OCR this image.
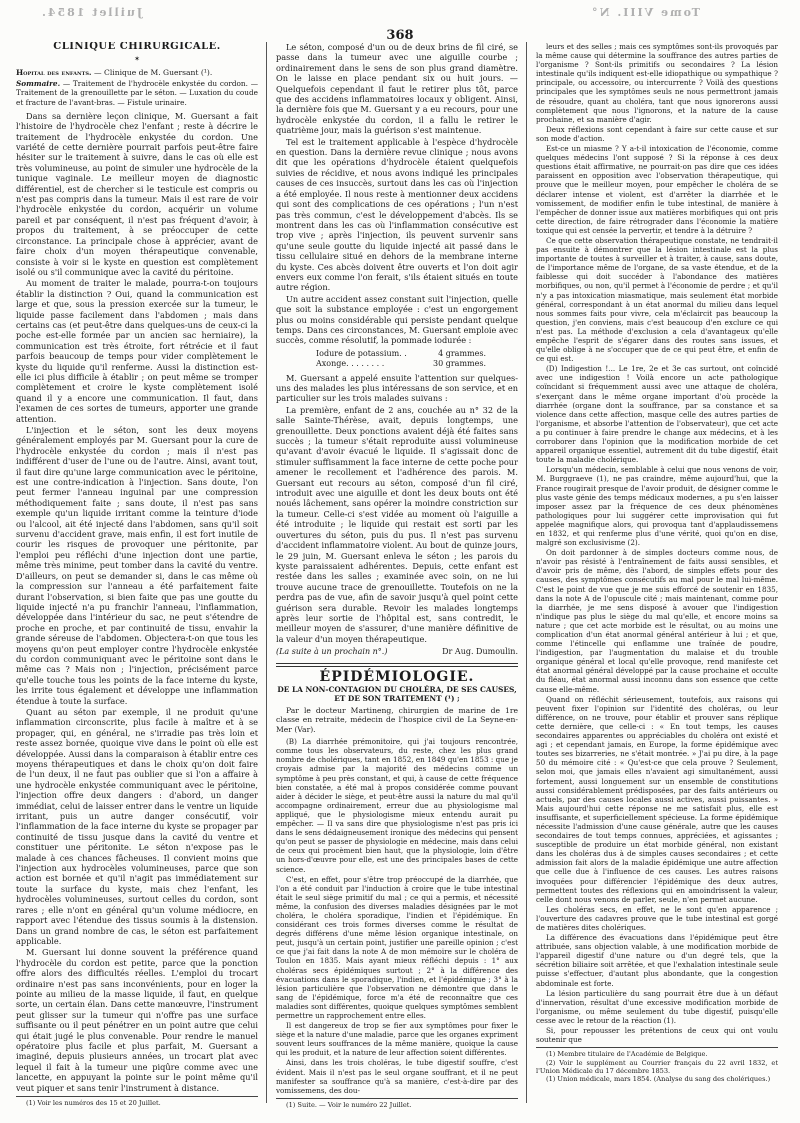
Juillet 1854.	Tome VIII. N°
368
CLINIQUE CHIRURGICALE.
✶

Hopital des enfants. — Clinique de M. Guersant (¹).

Sommaire. — Traitement de l'hydrocèle enkystée du cordon. — Traitement de la grenouillette par le séton. — Luxation du coude et fracture de l'avant-bras. — Fistule urinaire.

Dans sa dernière leçon clinique, M. Guersant a fait l'histoire de l'hydrocèle chez l'enfant ; reste à décrire le traitement de l'hydrocèle enkystée du cordon. Une variété de cette dernière pourrait parfois peut-être faire hésiter sur le traitement à suivre, dans le cas où elle est très volumineuse, au point de simuler une hydrocèle de la tunique vaginale. Le meilleur moyen de diagnostic différentiel, est de chercher si le testicule est compris ou n'est pas compris dans la tumeur. Mais il est rare de voir l'hydrocèle enkystée du cordon, acquérir un volume pareil et par conséquent, il n'est pas fréquent d'avoir, à propos du traitement, à se préoccuper de cette circonstance. La principale chose à apprécier, avant de faire choix d'un moyen thérapeutique convenable, consiste à voir si le kyste en question est complètement isolé ou s'il communique avec la cavité du péritoine.

Au moment de traiter le malade, pourra-t-on toujours établir la distinction ? Oui, quand la communication est large et que, sous la pression exercée sur la tumeur, le liquide passe facilement dans l'abdomen ; mais dans certains cas (et peut-être dans quelques-uns de ceux-ci la poche est-elle formée par un ancien sac herniaire), la communication est très étroite, fort rétrécie et il faut parfois beaucoup de temps pour vider complètement le kyste du liquide qu'il renferme. Aussi la distinction est-elle ici plus difficile à établir ; on peut même se tromper complètement et croire le kyste complètement isolé quand il y a encore une communication. Il faut, dans l'examen de ces sortes de tumeurs, apporter une grande attention.

L'injection et le séton, sont les deux moyens généralement employés par M. Guersant pour la cure de l'hydrocèle enkystée du cordon ; mais il n'est pas indifférent d'user de l'une ou de l'autre. Ainsi, avant tout, il faut dire qu'une large communication avec le péritoine, est une contre-indication à l'injection. Sans doute, l'on peut fermer l'anneau inguinal par une compression méthodiquement faite ; sans doute, il n'est pas sans exemple qu'un liquide irritant comme la teinture d'iode ou l'alcool, ait été injecté dans l'abdomen, sans qu'il soit survenu d'accident grave, mais enfin, il est fort inutile de courir les risques de provoquer une péritonite, par l'emploi peu réfléchi d'une injection dont une partie, même très minime, peut tomber dans la cavité du ventre. D'ailleurs, on peut se demander si, dans le cas même où la compression sur l'anneau a été parfaitement faite durant l'observation, si bien faite que pas une goutte du liquide injecté n'a pu franchir l'anneau, l'inflammation, développée dans l'intérieur du sac, ne peut s'étendre de proche en proche, et par continuité de tissu, envahir la grande séreuse de l'abdomen. Objectera-t-on que tous les moyens qu'on peut employer contre l'hydrocèle enkystée du cordon communiquant avec le péritoine sont dans le même cas ? Mais non ; l'injection, précisément parce qu'elle touche tous les points de la face interne du kyste, les irrite tous également et développe une inflammation étendue à toute la surface.

Quant au séton par exemple, il ne produit qu'une inflammation circonscrite, plus facile à maître et à se propager, qui, en général, ne s'irradie pas très loin et reste assez bornée, quoique vive dans le point où elle est développée. Aussi dans la comparaison à établir entre ces moyens thérapeutiques et dans le choix qu'on doit faire de l'un deux, il ne faut pas oublier que si l'on a affaire à une hydrocèle enkystée communiquant avec le péritoine, l'injection offre deux dangers : d'abord, un danger immédiat, celui de laisser entrer dans le ventre un liquide irritant, puis un autre danger consécutif, voir l'inflammation de la face interne du kyste se propager par continuité de tissu jusque dans la cavité du ventre et constituer une péritonite. Le séton n'expose pas le malade à ces chances fâcheuses. Il convient moins que l'injection aux hydrocèles volumineuses, parce que son action est bornée et qu'il n'agit pas immédiatement sur toute la surface du kyste, mais chez l'enfant, les hydrocèles volumineuses, surtout celles du cordon, sont rares ; elle n'ont en général qu'un volume médiocre, en rapport avec l'étendue des tissus soumis à la distension. Dans un grand nombre de cas, le séton est parfaitement applicable.

M. Guersant lui donne souvent la préférence quand l'hydrocèle du cordon est petite, parce que la ponction offre alors des difficultés réelles. L'emploi du trocart ordinaire n'est pas sans inconvénients, pour en loger la pointe au milieu de la masse liquide, il faut, en quelque sorte, un certain élan. Dans cette manœuvre, l'instrument peut glisser sur la tumeur qui n'offre pas une surface suffisante ou il peut pénétrer en un point autre que celui qui était jugé le plus convenable. Pour rendre le manuel opératoire plus facile et plus parfait, M. Guersant a imaginé, depuis plusieurs années, un trocart plat avec lequel il fait à la tumeur une piqûre comme avec une lancette, en appuyant la pointe sur le point même qu'il veut piquer et sans tenir l'instrument à distance.

(1) Voir les numéros des 15 et 20 Juillet.

Le séton, composé d'un ou de deux brins de fil ciré, se passe dans la tumeur avec une aiguille courbe ; ordinairement dans le sens de son plus grand diamètre. On le laisse en place pendant six ou huit jours. — Quelquefois cependant il faut le retirer plus tôt, parce que des accidens inflammatoires locaux y obligent. Ainsi, la dernière fois que M. Guersant y a eu recours, pour une hydrocèle enkystée du cordon, il a fallu le retirer le quatrième jour, mais la guérison s'est maintenue.

Tel est le traitement applicable à l'espèce d'hydrocèle en question. Dans la dernière revue clinique ; nous avons dit que les opérations d'hydrocèle étaient quelquefois suivies de récidive, et nous avons indiqué les principales causes de ces insuccès, surtout dans les cas où l'injection a été employée. Il nous reste à mentionner deux accidens qui sont des complications de ces opérations ; l'un n'est pas très commun, c'est le développement d'abcès. Ils se montrent dans les cas où l'inflammation consécutive est trop vive ; après l'injection, ils peuvent survenir sans qu'une seule goutte du liquide injecté ait passé dans le tissu cellulaire situé en dehors de la membrane interne du kyste. Ces abcès doivent être ouverts et l'on doit agir envers eux comme l'on ferait, s'ils étaient situés en toute autre région.

Un autre accident assez constant suit l'injection, quelle que soit la substance employée : c'est un engorgement plus ou moins considérable qui persiste pendant quelque temps. Dans ces circonstances, M. Guersant emploie avec succès, comme résolutif, la pommade iodurée :

Iodure de potassium. .	4 grammes.
Axonge. . . . . . . .	30 grammes.

M. Guersant a appelé ensuite l'attention sur quelques-uns des malades les plus intéressans de son service, et en particulier sur les trois malades suivans :

La première, enfant de 2 ans, couchée au n° 32 de la salle Sainte-Thérèse, avait, depuis longtemps, une grenouillette. Deux ponctions avaient déjà été faites sans succès ; la tumeur s'était reproduite aussi volumineuse qu'avant d'avoir évacué le liquide. Il s'agissait donc de stimuler suffisamment la face interne de cette poche pour amener le recollement et l'adhérence des parois. M. Guersant eut recours au séton, composé d'un fil ciré, introduit avec une aiguille et dont les deux bouts ont été noués lâchement, sans opérer la moindre constriction sur la tumeur. Celle-ci s'est vidée au moment où l'aiguille a été introduite ; le liquide qui restait est sorti par les ouvertures du séton, puis du pus. Il n'est pas survenu d'accident inflammatoire violent. Au bout de quinze jours, le 29 juin, M. Guersant enleva le séton ; les parois du kyste paraissaient adhérentes. Depuis, cette enfant est restée dans les salles ; examinée avec soin, on ne lui trouve aucune trace de grenouillette. Toutefois on ne la perdra pas de vue, afin de savoir jusqu'à quel point cette guérison sera durable. Revoir les malades longtemps après leur sortie de l'hôpital est, sans contredit, le meilleur moyen de s'assurer, d'une manière définitive de la valeur d'un moyen thérapeutique.

(La suite à un prochain n°.)	Dr Aug. Dumoulin.
ÉPIDÉMIOLOGIE.
DE LA NON-CONTAGION DU CHOLÉRA, DE SES CAUSES, ET DE SON TRAITEMENT (¹) ;

Par le docteur Martineng, chirurgien de marine de 1re classe en retraite, médecin de l'hospice civil de La Seyne-en-Mer (Var).

(B) La diarrhée prémonitoire, qui j'ai toujours rencontrée, comme tous les observateurs, du reste, chez les plus grand nombre de cholériques, tant en 1852, en 1849 qu'en 1853 : que je croyais admise par la majorité des médecins comme un symptôme à peu près constant, et qui, à cause de cette fréquence bien constatée, a été mal à propos considérée comme pouvant aider à décider le siège, et peut-être aussi la nature du mal qu'il accompagne ordinairement, erreur due au physiologisme mal appliqué, que le physiologisme mieux entendu aurait pu empêcher. — Il va sans dire que physiologisme n'est pas pris ici dans le sens dédaigneusement ironique des médecins qui pensent qu'on peut se passer de physiologie en médecine, mais dans celui de ceux qui procèment bien haut, que la physiologie, loin d'être un hors-d'œuvre pour elle, est une des principales bases de cette science.

C'est, en effet, pour s'être trop préoccupé de la diarrhée, que l'on a été conduit par l'induction à croire que le tube intestinal était le seul siège primitif du mal ; ce qui a permis, et nécessité même, la confusion des diverses maladies désignées par le mot choléra, le choléra sporadique, l'indien et l'épidémique. En considérant ces trois formes diverses comme le résultat de degrés différens d'une même lésion organique intestinale, on peut, jusqu'à un certain point, justifier une pareille opinion ; c'est ce que j'ai fait dans la note A de mon mémoire sur le choléra de Toulon en 1835. Mais ayant mieux réfléchi depuis : 1° aux choléras secs épidémiques surtout ; 2° à la différence des évacuations dans le sporadique, l'indien, et l'épidémique ; 3° à la lésion particulière que l'observation ne démontre que dans le sang de l'épidémique, force m'a été de reconnaître que ces maladies sont différentes, quoique quelques symptômes semblent permettre un rapprochement entre elles.

Il est dangereux de trop se fier aux symptômes pour fixer le siège et la nature d'une maladie, parce que les organes expriment souvent leurs souffrances de la même manière, quoique la cause qui les produit, et la nature de leur affection soient différentes.

Ainsi, dans les trois choléras, le tube digestif souffre, c'est évident. Mais il n'est pas le seul organe souffrant, et il ne peut manifester sa souffrance qu'à sa manière, c'est-à-dire par des vomissemens, des dou-

(1) Suite. — Voir le numéro 22 Juillet.

leurs et des selles ; mais ces symptômes sont-ils provoqués par la même cause qui détermine la souffrance des autres parties de l'organisme ? Sont-ils primitifs ou secondaires ? La lésion intestinale qu'ils indiquent est-elle idiopathique ou sympathique ? principale, ou accessoire, ou intercurrente ? Voilà des questions principales que les symptômes seuls ne nous permettront jamais de résoudre, quant au choléra, tant que nous ignorerons aussi complètement que nous l'ignorons, et la nature de la cause prochaine, et sa manière d'agir.

Deux réflexions sont cependant à faire sur cette cause et sur son mode d'action.

Est-ce un miasme ? Y a-t-il intoxication de l'économie, comme quelques médecins l'ont supposé ? Si la réponse à ces deux questions était affirmative, ne pourrait-on pas dire que ces idées paraissent en opposition avec l'observation thérapeutique, qui prouve que le meilleur moyen, pour empêcher le choléra de se déclarer intense et violent, est d'arrêter la diarrhée et le vomissement, de modifier enfin le tube intestinal, de manière à l'empêcher de donner issue aux matières morbifiques qui ont pris cette direction, de faire rétrograder dans l'économie la matière toxique qui est censée la pervertir, et tendre à la détruire ?

Ce que cette observation thérapeutique constate, ne tendrait-il pas ensuite à démontrer que la lésion intestinale est la plus importante de toutes à surveiller et à traiter, à cause, sans doute, de l'importance même de l'organe, de sa vaste étendue, et de la faiblesse qui doit succéder à l'abondance des matières morbifiques, ou non, qu'il permet à l'économie de perdre ; et qu'il n'y a pas intoxication miasmatique, mais seulement état morbide général, correspondant à un état anormal du milieu dans lequel nous sommes faits pour vivre, cela m'éclaircit pas beaucoup la question, j'en conviens, mais c'est beaucoup d'en exclure ce qui n'est pas. La méthode d'exclusion a cela d'avantageux qu'elle empêche l'esprit de s'égarer dans des routes sans issues, et qu'elle oblige à ne s'occuper que de ce qui peut être, et enfin de ce qui est.

(D) Indigestion !... Le 1re, 2e et 3e cas surtout, ont coïncidé avec une indigestion ! Voilà encore un acte pathologique coïncidant si fréquemment aussi avec une attaque de choléra, s'exerçant dans le même organe important d'où procède la diarrhée (organe dont la souffrance, par sa constance et sa violence dans cette affection, masque celle des autres parties de l'organisme, et absorbe l'attention de l'observateur), que cet acte a pu continuer à faire prendre le change aux médecins, et à les corroborer dans l'opinion que la modification morbide de cet appareil organique essentiel, autrement dit du tube digestif, était toute la maladie cholérique.

Lorsqu'un médecin, semblable à celui que nous venons de voir, M. Burggraeve (1), ne pas craindre, même aujourd'hui, que la France rougirait presque de l'avoir produit, de désigner comme le plus vaste génie des temps médicaux modernes, a pu s'en laisser imposer assez par la fréquence de ces deux phénomènes pathologiques pour lui suggérer cette improvisation qui fut appelée magnifique alors, qui provoqua tant d'applaudissemens en 1832, et qui renferme plus d'une vérité, quoi qu'on en dise, malgré son exclusivisme (2).

On doit pardonner à de simples docteurs comme nous, de n'avoir pas résisté à l'entraînement de faits aussi sensibles, et d'avoir pris de même, dès l'abord, de simples effets pour des causes, des symptômes consécutifs au mal pour le mal lui-même. C'est le point de vue que je me suis efforcé de soutenir en 1835, dans la note A de l'opuscule cité ; mais maintenant, comme pour la diarrhée, je me sens disposé à avouer que l'indigestion n'indique pas plus le siège du mal qu'elle, et encore moins sa nature ; que cet acte morbide est le résultat, ou au moins une complication d'un état anormal général antérieur à lui ; et que, comme l'étincelle qui enflamme une traînée de poudre, l'indigestion, par l'augmentation du malaise et du trouble organique général et local qu'elle provoque, rend manifeste cet état anormal général développé par la cause prochaine et occulte du fléau, état anormal aussi inconnu dans son essence que cette cause elle-même.

Quand on réfléchit sérieusement, toutefois, aux raisons qui peuvent fixer l'opinion sur l'identité des choléras, ou leur différence, on ne trouve, pour établir et prouver sans réplique cette dernière, que celle-ci : « En tout temps, les causes secondaires apparentes ou appréciables du choléra ont existé et agi ; et cependant jamais, en Europe, la forme épidémique avec toutes ses bizarreries, ne s'était montrée. » J'ai pu dire, à la page 50 du mémoire cité : « Qu'est-ce que cela prouve ? Seulement, selon moi, que jamais elles n'avaient agi simultanément, aussi fortement, aussi longuement sur un ensemble de constitutions aussi considérablement prédisposées, par des faits antérieurs ou actuels, par des causes locales aussi actives, aussi puissantes. » Mais aujourd'hui cette réponse ne me satisfait plus, elle est insuffisante, et superficiellement spécieuse. La forme épidémique nécessite l'admission d'une cause générale, autre que les causes secondaires de tout temps connues, appréciées, et agissantes ; susceptible de produire un état morbide général, non existant dans les choléras dus à de simples causes secondaires ; et cette admission fait alors de la maladie épidémique une autre affection que celle due à l'influence de ces causes. Les autres raisons invoquées pour différencier l'épidémique des deux autres, permettent toutes des réflexions qui en amoindrissent la valeur, celle dont nous venons de parler, seule, n'en permet aucune.

Les choléras secs, en effet, ne le sont qu'en apparence ; l'ouverture des cadavres prouve que le tube intestinal est gorgé de matières dites cholériques.

La différence des évacuations dans l'épidémique peut être attribuée, sans objection valable, à une modification morbide de l'appareil digestif d'une nature ou d'un degré tels, que la sécrétion biliaire soit arrêtée, et que l'exhalation intestinale seule puisse s'effectuer, d'autant plus abondante, que la congestion abdominale est forte.

La lésion particulière du sang pourrait être due à un défaut d'innervation, résultat d'une excessive modification morbide de l'organisme, ou même seulement du tube digestif, puisqu'elle cesse avec le retour de la réaction (1).

Si, pour repousser les prétentions de ceux qui ont voulu soutenir que

(1) Membre titulaire de l'Académie de Belgique.
(2) Voir le supplément au Courrier français du 22 avril 1832, et l'Union Médicale du 17 décembre 1853.
(1) Union médicale, mars 1854. (Analyse du sang des cholériques.)
